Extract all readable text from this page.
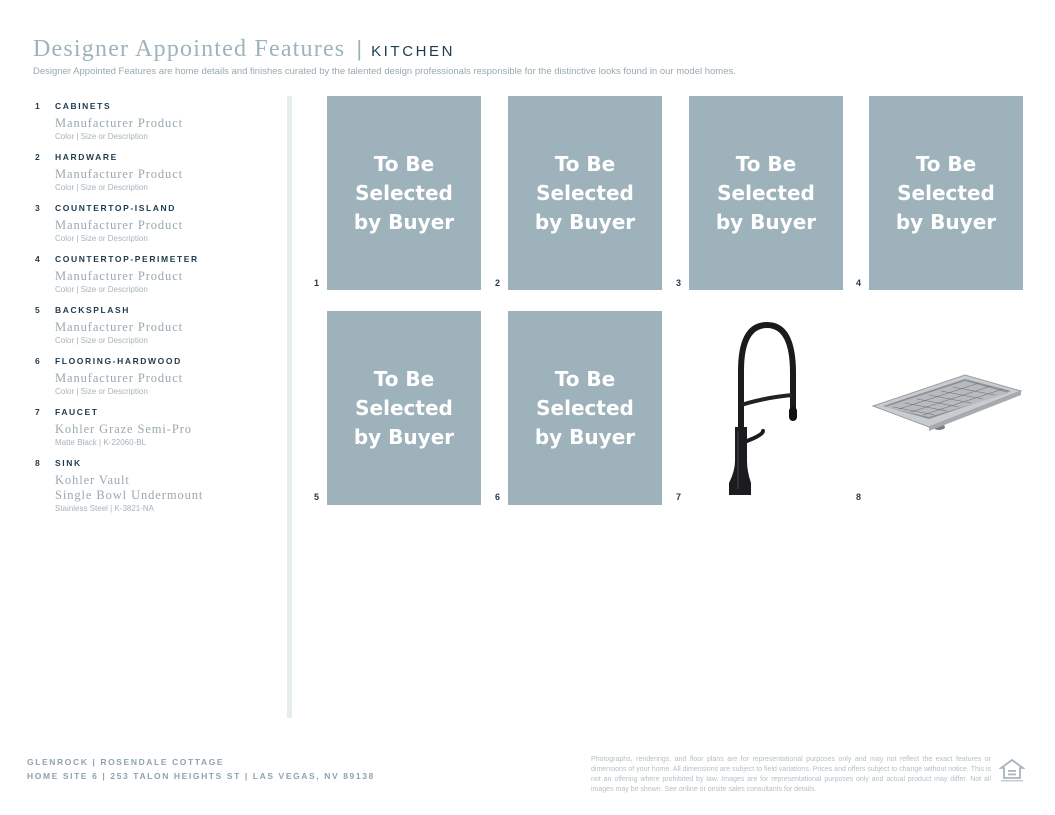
Designer Appointed Features | KITCHEN
Designer Appointed Features are home details and finishes curated by the talented design professionals responsible for the distinctive looks found in our model homes.
1	CABINETS
Manufacturer Product
Color | Size or Description
2	HARDWARE
Manufacturer Product
Color | Size or Description
3	COUNTERTOP-ISLAND
Manufacturer Product
Color | Size or Description
4	COUNTERTOP-PERIMETER
Manufacturer Product
Color | Size or Description
5	BACKSPLASH
Manufacturer Product
Color | Size or Description
6	FLOORING-HARDWOOD
Manufacturer Product
Color | Size or Description
7	FAUCET
Kohler Graze Semi-Pro
Matte Black | K-22060-BL
8	SINK
Kohler Vault
Single Bowl Undermount
Stainless Steel | K-3821-NA
To Be
Selected
by Buyer
1
To Be
Selected
by Buyer
2
To Be
Selected
by Buyer
3
To Be
Selected
by Buyer
4
To Be
Selected
by Buyer
5
To Be
Selected
by Buyer
6	7	8
GLENROCK | ROSENDALE COTTAGE
HOME SITE 6 | 253 TALON HEIGHTS ST | LAS VEGAS, NV 89138
Photographs, renderings, and floor plans are for representational purposes only and may not reflect the exact features or dimensions of your home. All dimensions are subject to field variations. Prices and offers subject to change without notice. This is not an offering where prohibited by law. Images are for representational purposes only and actual product may differ. Not all images may be shown. See online or onsite sales consultants for details.
